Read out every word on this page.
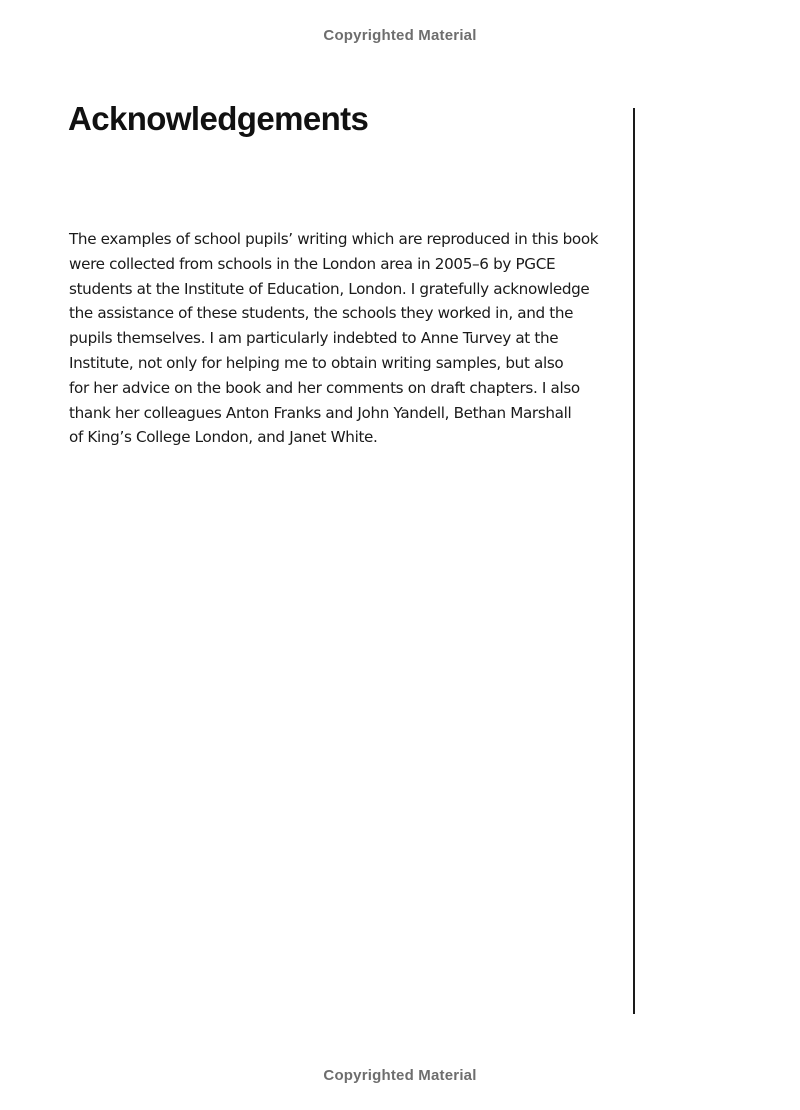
Copyrighted Material
Acknowledgements
The examples of school pupils’ writing which are reproduced in this book
were collected from schools in the London area in 2005–6 by PGCE
students at the Institute of Education, London. I gratefully acknowledge
the assistance of these students, the schools they worked in, and the
pupils themselves. I am particularly indebted to Anne Turvey at the
Institute, not only for helping me to obtain writing samples, but also
for her advice on the book and her comments on draft chapters. I also
thank her colleagues Anton Franks and John Yandell, Bethan Marshall
of King’s College London, and Janet White.
Copyrighted Material
